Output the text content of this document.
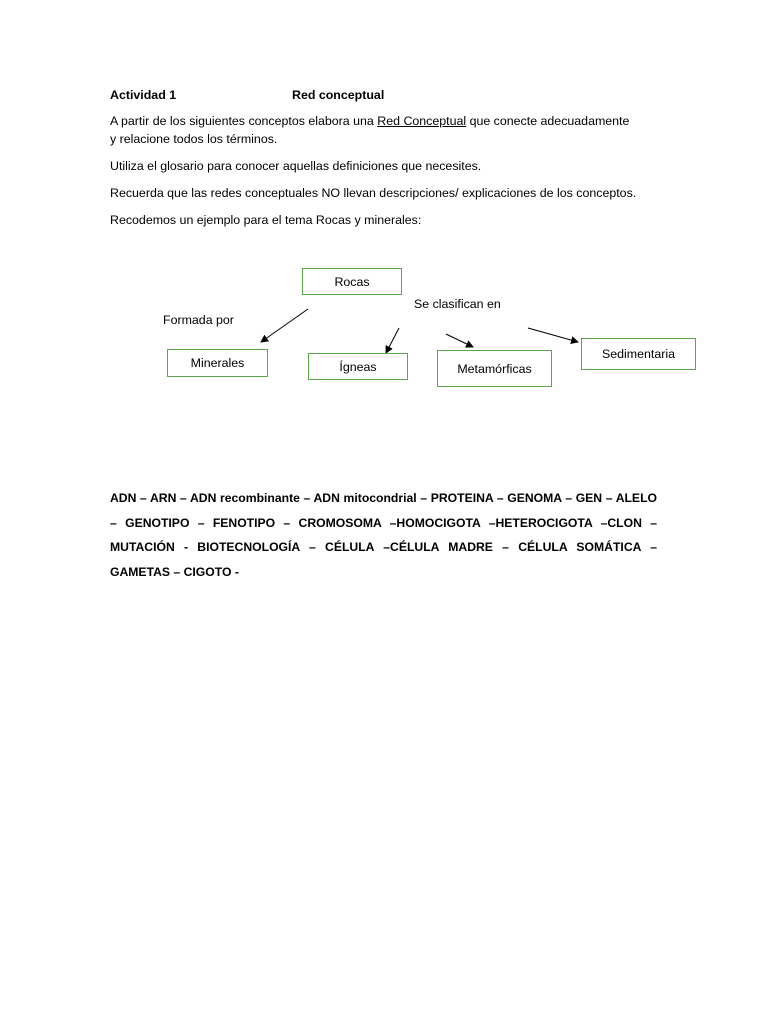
Actividad 1	Red conceptual
A partir de los siguientes conceptos elabora una Red Conceptual que conecte adecuadamente
y relacione todos los términos.
Utiliza el glosario para conocer aquellas definiciones que necesites.
Recuerda que las redes conceptuales NO llevan descripciones/ explicaciones de los conceptos.
Recodemos un ejemplo para el tema Rocas y minerales:
Rocas
Se clasifican en
Formada por
Minerales	Ígneas	Metamórficas
Sedimentaria
ADN – ARN – ADN recombinante – ADN mitocondrial – PROTEINA – GENOMA – GEN – ALELO – GENOTIPO – FENOTIPO – CROMOSOMA –HOMOCIGOTA –HETEROCIGOTA –CLON – MUTACIÓN - BIOTECNOLOGÍA – CÉLULA –CÉLULA MADRE – CÉLULA SOMÁTICA –GAMETAS – CIGOTO -
